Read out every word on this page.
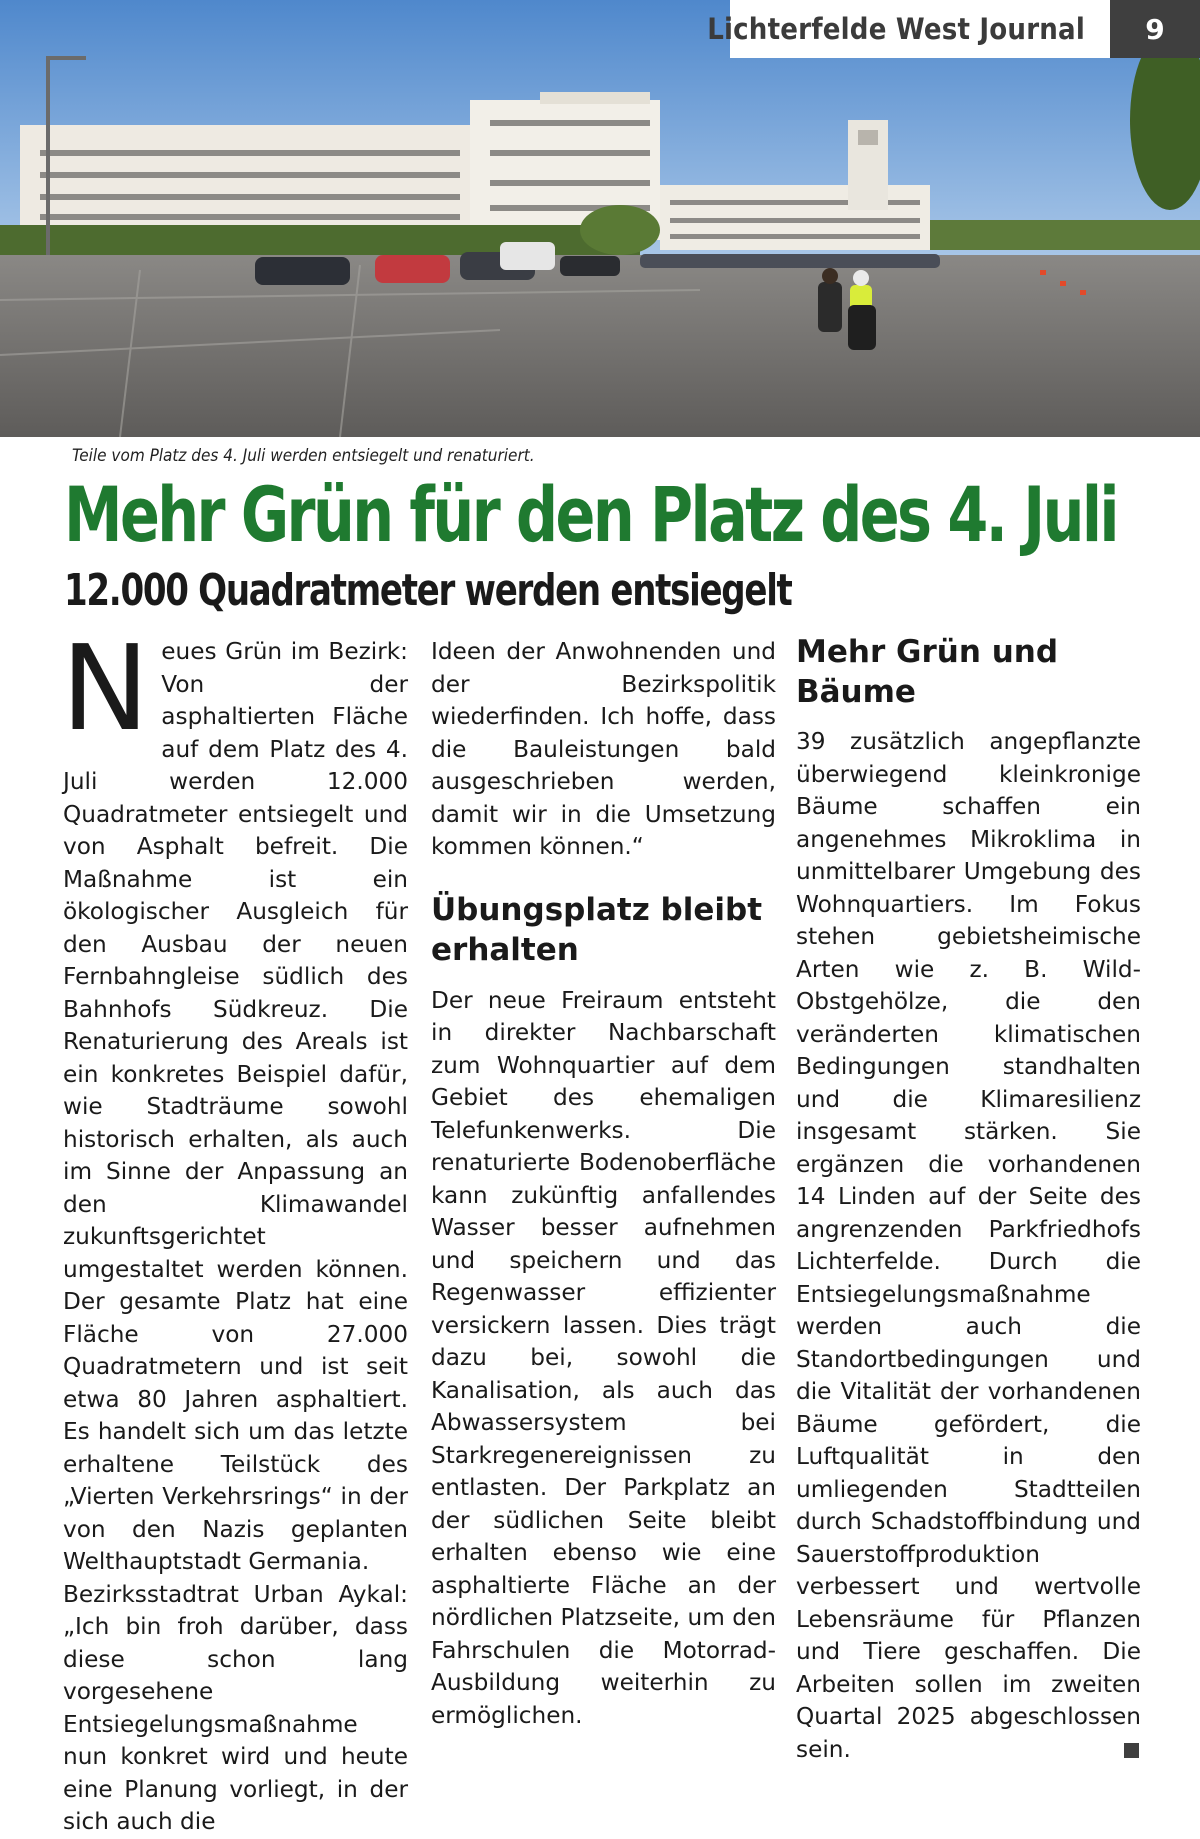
Lichterfelde West Journal	9
Teile vom Platz des 4. Juli werden entsiegelt und renaturiert.
Mehr Grün für den Platz des 4. Juli
12.000 Quadratmeter werden entsiegelt
N eues Grün im Bezirk: Von der asphaltierten Fläche auf dem Platz des 4. Juli werden 12.000 Quadratmeter entsiegelt und von Asphalt befreit. Die Maßnahme ist ein ökologischer Ausgleich für den Ausbau der neuen Fernbahngleise südlich des Bahnhofs Südkreuz. Die Renaturierung des Areals ist ein konkretes Beispiel dafür, wie Stadträume sowohl historisch erhalten, als auch im Sinne der Anpassung an den Klimawandel zukunftsgerichtet umgestaltet werden können. Der gesamte Platz hat eine Fläche von 27.000 Quadratmetern und ist seit etwa 80 Jahren asphaltiert. Es handelt sich um das letzte erhaltene Teilstück des „Vierten Verkehrsrings“ in der von den Nazis geplanten Welthauptstadt Germania.

Bezirksstadtrat Urban Aykal: „Ich bin froh darüber, dass diese schon lang vorgesehene Entsiegelungsmaßnahme nun konkret wird und heute eine Planung vorliegt, in der sich auch die

Ideen der Anwohnenden und der Bezirkspolitik wiederfinden. Ich hoffe, dass die Bauleistungen bald ausgeschrieben werden, damit wir in die Umsetzung kommen können.“

Übungsplatz bleibt erhalten

Der neue Freiraum entsteht in direkter Nachbarschaft zum Wohnquartier auf dem Gebiet des ehemaligen Telefunkenwerks. Die renaturierte Bodenoberfläche kann zukünftig anfallendes Wasser besser aufnehmen und speichern und das Regenwasser effizienter versickern lassen. Dies trägt dazu bei, sowohl die Kanalisation, als auch das Abwassersystem bei Starkregenereignissen zu entlasten. Der Parkplatz an der südlichen Seite bleibt erhalten ebenso wie eine asphaltierte Fläche an der nördlichen Platzseite, um den Fahrschulen die Motorrad-Ausbildung weiterhin zu ermöglichen.

Mehr Grün und Bäume

39 zusätzlich angepflanzte überwiegend kleinkronige Bäume schaffen ein angenehmes Mikroklima in unmittelbarer Umgebung des Wohnquartiers. Im Fokus stehen gebietsheimische Arten wie z. B. Wild-Obstgehölze, die den veränderten klimatischen Bedingungen standhalten und die Klimaresilienz insgesamt stärken. Sie ergänzen die vorhandenen 14 Linden auf der Seite des angrenzenden Parkfriedhofs Lichterfelde. Durch die Entsiegelungsmaßnahme werden auch die Standortbedingungen und die Vitalität der vorhandenen Bäume gefördert, die Luftqualität in den umliegenden Stadtteilen durch Schadstoffbindung und Sauerstoffproduktion verbessert und wertvolle Lebensräume für Pflanzen und Tiere geschaffen. Die Arbeiten sollen im zweiten Quartal 2025 abgeschlossen sein.
